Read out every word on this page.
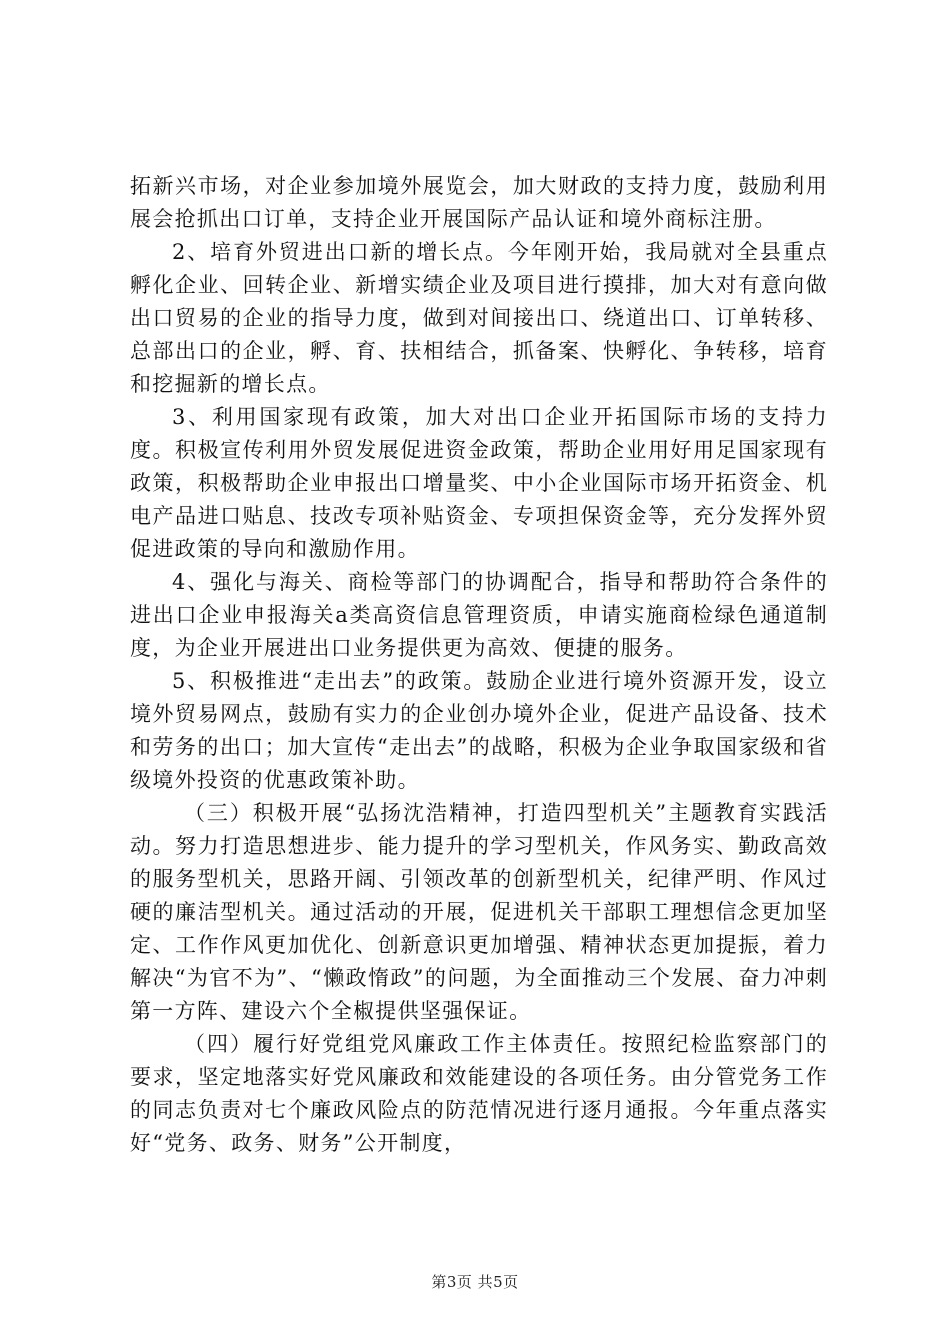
拓新兴市场，对企业参加境外展览会，加大财政的支持力度，鼓励利用展会抢抓出口订单，支持企业开展国际产品认证和境外商标注册。

2、培育外贸进出口新的增长点。今年刚开始，我局就对全县重点孵化企业、回转企业、新增实绩企业及项目进行摸排，加大对有意向做出口贸易的企业的指导力度，做到对间接出口、绕道出口、订单转移、总部出口的企业，孵、育、扶相结合，抓备案、快孵化、争转移，培育和挖掘新的增长点。

3、利用国家现有政策，加大对出口企业开拓国际市场的支持力度。积极宣传利用外贸发展促进资金政策，帮助企业用好用足国家现有政策，积极帮助企业申报出口增量奖、中小企业国际市场开拓资金、机电产品进口贴息、技改专项补贴资金、专项担保资金等，充分发挥外贸促进政策的导向和激励作用。

4、强化与海关、商检等部门的协调配合，指导和帮助符合条件的进出口企业申报海关a类高资信息管理资质，申请实施商检绿色通道制度，为企业开展进出口业务提供更为高效、便捷的服务。

5、积极推进“走出去”的政策。鼓励企业进行境外资源开发，设立境外贸易网点，鼓励有实力的企业创办境外企业，促进产品设备、技术和劳务的出口；加大宣传“走出去”的战略，积极为企业争取国家级和省级境外投资的优惠政策补助。

（三）积极开展“弘扬沈浩精神，打造四型机关”主题教育实践活动。努力打造思想进步、能力提升的学习型机关，作风务实、勤政高效的服务型机关，思路开阔、引领改革的创新型机关，纪律严明、作风过硬的廉洁型机关。通过活动的开展，促进机关干部职工理想信念更加坚定、工作作风更加优化、创新意识更加增强、精神状态更加提振，着力解决“为官不为”、“懒政惰政”的问题，为全面推动三个发展、奋力冲刺第一方阵、建设六个全椒提供坚强保证。

（四）履行好党组党风廉政工作主体责任。按照纪检监察部门的要求，坚定地落实好党风廉政和效能建设的各项任务。由分管党务工作的同志负责对七个廉政风险点的防范情况进行逐月通报。今年重点落实好“党务、政务、财务”公开制度，

第3页 共5页
